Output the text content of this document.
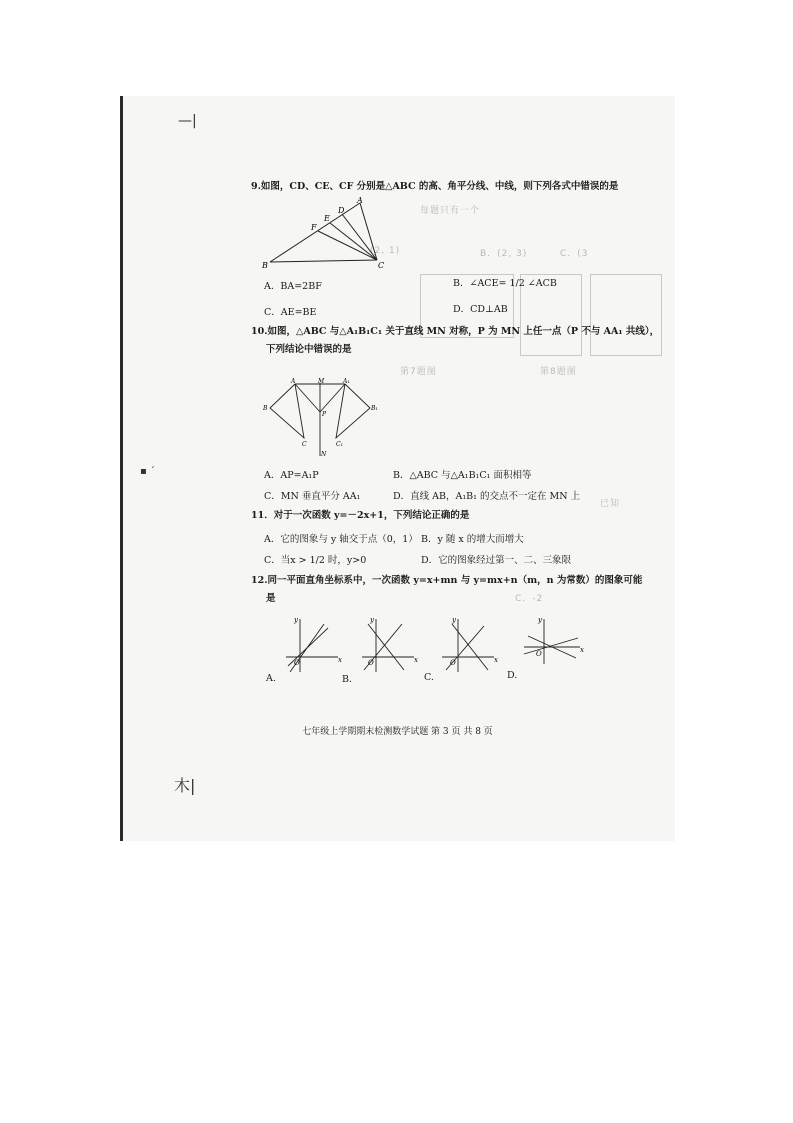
—|
木|
▪ ˊ
每题只有一个
(2, 1)	B．(2, 3)	C．(3
第7题图	第8题图
C．-2
已知
9.如图，CD、CE、CF 分别是△ABC 的高、角平分线、中线，则下列各式中错误的是
A
D
E
F
B	C
A．BA=2BF	B．∠ACE= 1/2 ∠ACB
C．AE=BE	D．CD⊥AB
10.如图，△ABC 与△A₁B₁C₁ 关于直线 MN 对称，P 为 MN 上任一点（P 不与 AA₁ 共线），
下列结论中错误的是
A	M	A₁
B
P
B₁
C	C₁
N
A．AP=A₁P	B．△ABC 与△A₁B₁C₁ 面积相等
C．MN 垂直平分 AA₁	D．直线 AB，A₁B₁ 的交点不一定在 MN 上
11．对于一次函数 y=－2x+1，下列结论正确的是
A．它的图象与 y 轴交于点（0，1） B．y 随 x 的增大而增大
C．当x > 1/2 时，y>0	D．它的图象经过第一、二、三象限
12.同一平面直角坐标系中，一次函数 y=x+mn 与 y=mx+n（m，n 为常数）的图象可能
是
x
y
O
A.
x
y
O
B.
x
y
O
C.
x
y
O
D.
七年级上学期期末检测数学试题 第 3 页 共 8 页
